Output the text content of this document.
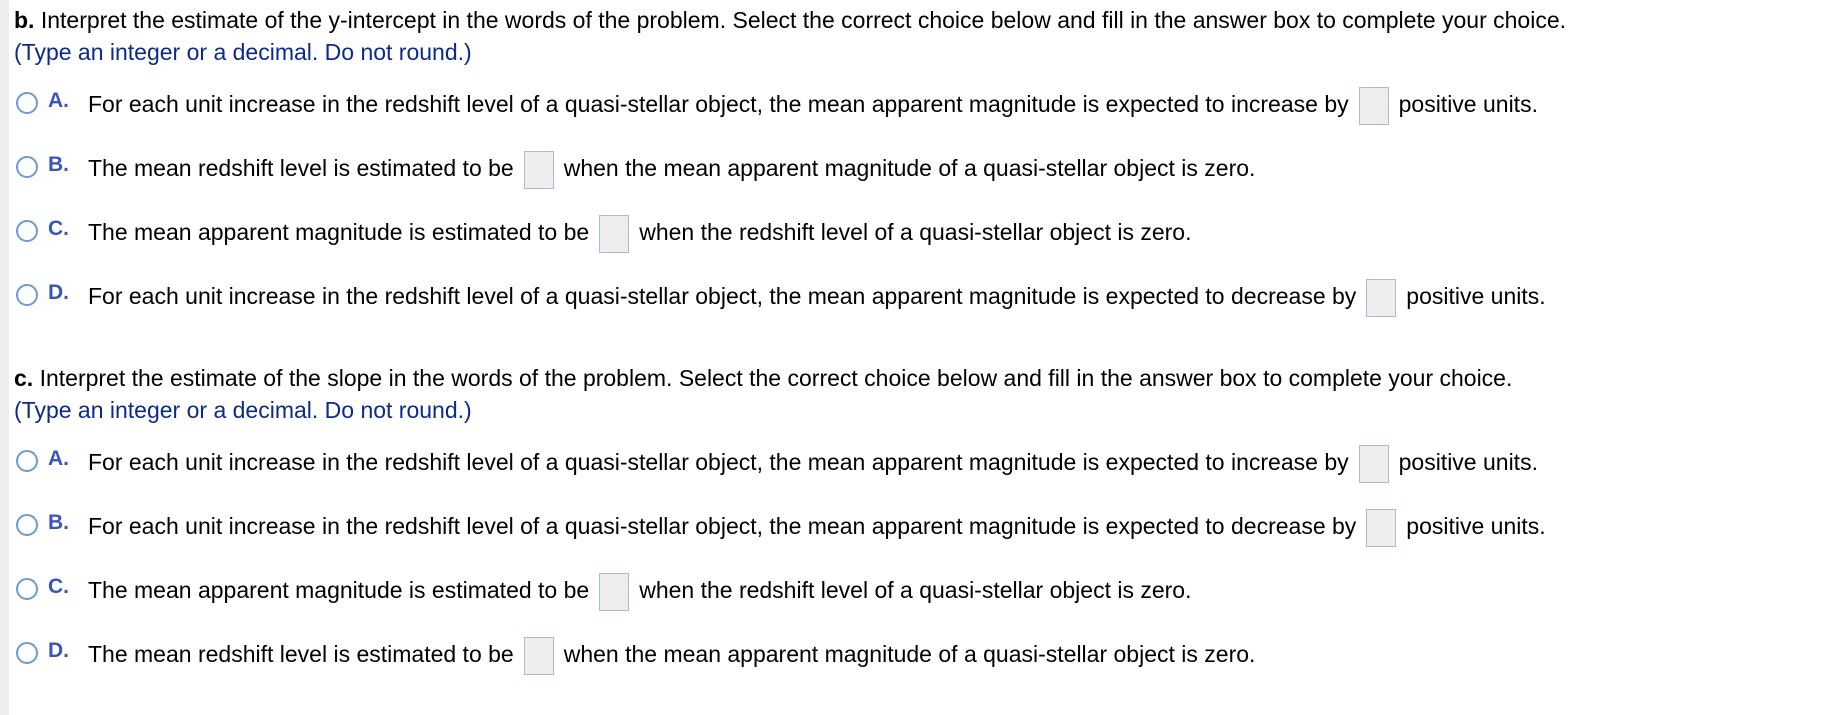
b. Interpret the estimate of the y-intercept in the words of the problem. Select the correct choice below and fill in the answer box to complete your choice.
(Type an integer or a decimal. Do not round.)
A. For each unit increase in the redshift level of a quasi-stellar object, the mean apparent magnitude is expected to increase by positive units.
B. The mean redshift level is estimated to be when the mean apparent magnitude of a quasi-stellar object is zero.
C. The mean apparent magnitude is estimated to be when the redshift level of a quasi-stellar object is zero.
D. For each unit increase in the redshift level of a quasi-stellar object, the mean apparent magnitude is expected to decrease by positive units.
c. Interpret the estimate of the slope in the words of the problem. Select the correct choice below and fill in the answer box to complete your choice.
(Type an integer or a decimal. Do not round.)
A. For each unit increase in the redshift level of a quasi-stellar object, the mean apparent magnitude is expected to increase by positive units.
B. For each unit increase in the redshift level of a quasi-stellar object, the mean apparent magnitude is expected to decrease by positive units.
C. The mean apparent magnitude is estimated to be when the redshift level of a quasi-stellar object is zero.
D. The mean redshift level is estimated to be when the mean apparent magnitude of a quasi-stellar object is zero.
